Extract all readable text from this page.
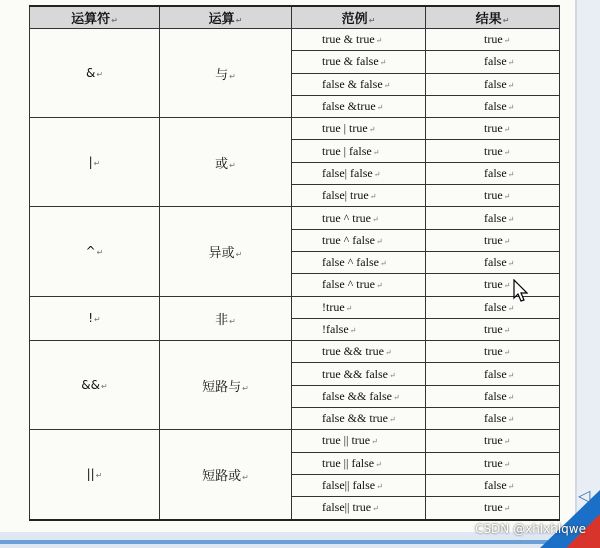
运算符↵	运算↵	范例↵	结果↵
&↵	与↵	true & true↵	true↵
		true & false↵	false↵
		false & false↵	false↵
		false &true↵	false↵
|↵	或↵	true | true↵	true↵
		true | false↵	true↵
		false| false↵	false↵
		false| true↵	true↵
^↵	异或↵	true ^ true↵	false↵
		true ^ false↵	true↵
		false ^ false↵	false↵
		false ^ true↵	true↵
!↵	非↵	!true↵	false↵
		!false↵	true↵
&&↵	短路与↵	true && true↵	true↵
		true && false↵	false↵
		false && false↵	false↵
		false && true↵	false↵
||↵	短路或↵	true || true↵	true↵
		true || false↵	true↵
		false|| false↵	false↵
		false|| true↵	true↵
◁
CSDN @xhlxhlqwe
